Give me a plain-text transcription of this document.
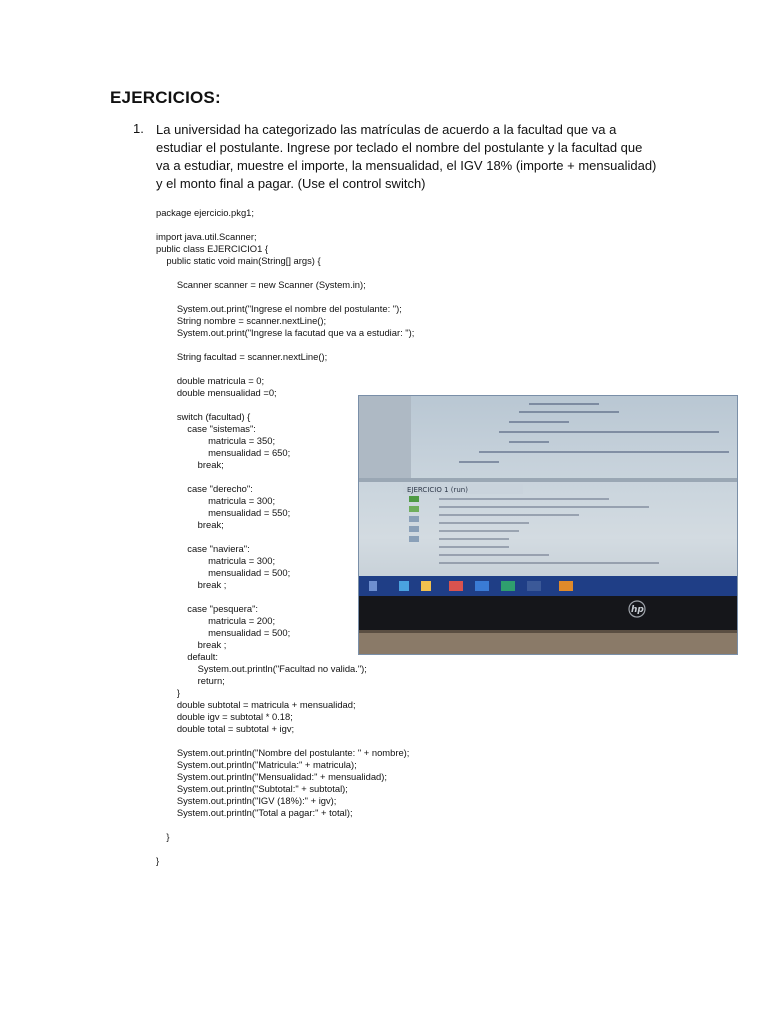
EJERCICIOS:
1. La universidad ha categorizado las matrículas de acuerdo a la facultad que va a
estudiar el postulante. Ingrese por teclado el nombre del postulante y la facultad que
va a estudiar, muestre el importe, la mensualidad, el IGV 18% (importe + mensualidad)
y el monto final a pagar. (Use el control switch)
package ejercicio.pkg1;
import java.util.Scanner;
public class EJERCICIO1 {
public static void main(String[] args) {
Scanner scanner = new Scanner (System.in);
System.out.print("Ingrese el nombre del postulante: ");
String nombre = scanner.nextLine();
System.out.print("Ingrese la facutad que va a estudiar: ");
String facultad = scanner.nextLine();
double matricula = 0;
double mensualidad =0;
switch (facultad) {
case "sistemas":
matricula = 350;
mensualidad = 650;
break;
case "derecho":
matricula = 300;
mensualidad = 550;
break;
case "naviera":
matricula = 300;
mensualidad = 500;
break ;
case "pesquera":
matricula = 200;
mensualidad = 500;
break ;
default:
System.out.println("Facultad no valida.");
return;
}
double subtotal = matricula + mensualidad;
double igv = subtotal * 0.18;
double total = subtotal + igv;
System.out.println("Nombre del postulante: " + nombre);
System.out.println("Matricula:" + matricula);
System.out.println("Mensualidad:" + mensualidad);
System.out.println("Subtotal:" + subtotal);
System.out.println("IGV (18%):" + igv);
System.out.println("Total a pagar:" + total);
}
}
EJERCICIO 1 (run)
hp
